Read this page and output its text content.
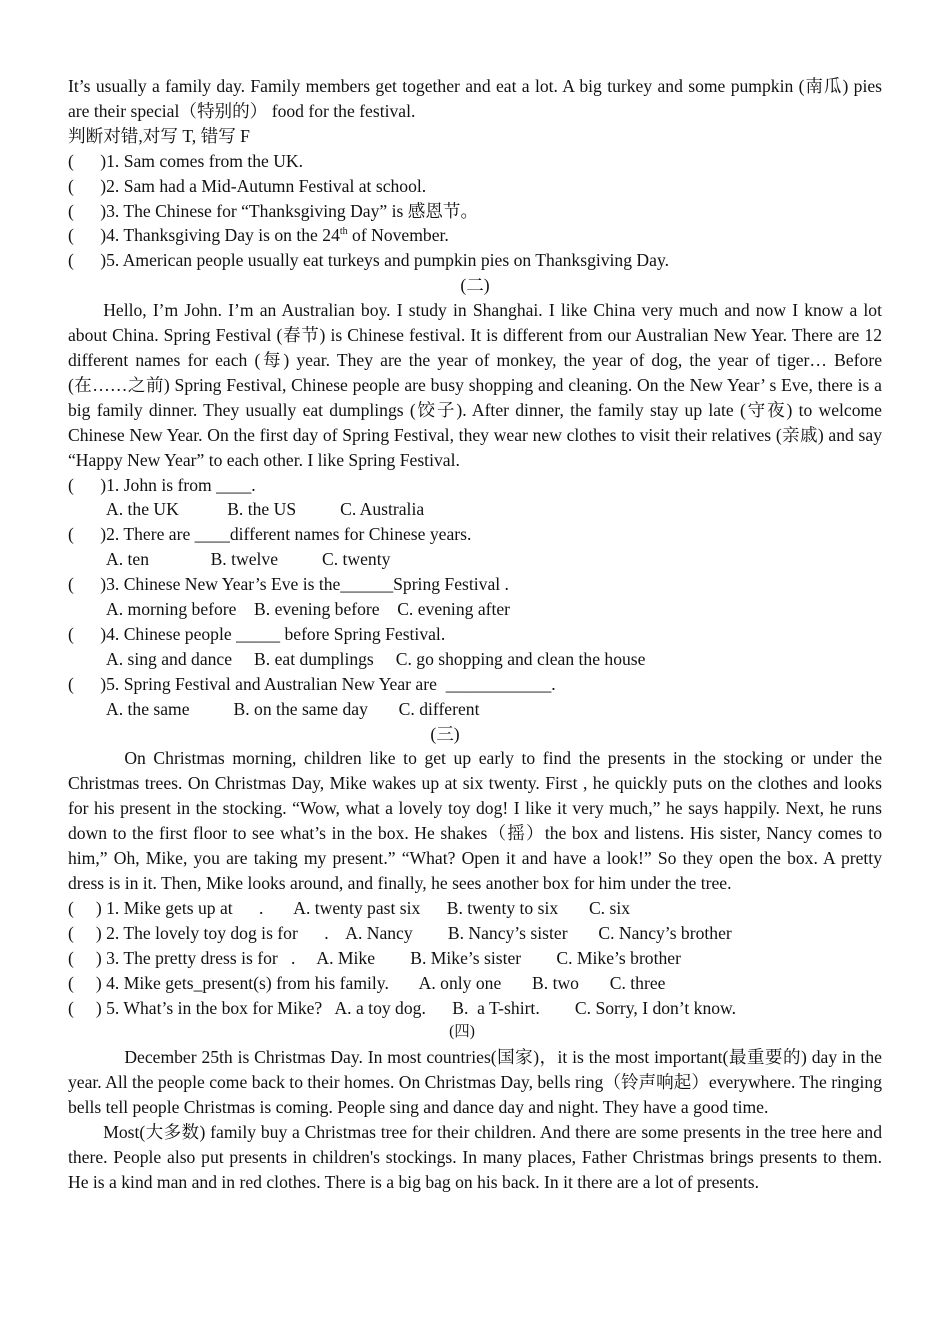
It’s usually a family day. Family members get together and eat a lot. A big turkey and some pumpkin (南瓜) pies are their special（特别的） food for the festival.
判断对错,对写 T, 错写 F
(      )1. Sam comes from the UK.
(      )2. Sam had a Mid-Autumn Festival at school.
(      )3. The Chinese for “Thanksgiving Day” is 感恩节。
(      )4. Thanksgiving Day is on the 24th of November.
(      )5. American people usually eat turkeys and pumpkin pies on Thanksgiving Day.
(二)
Hello, I’m John. I’m an Australian boy. I study in Shanghai. I like China very much and now I know a lot about China. Spring Festival (春节) is Chinese festival. It is different from our Australian New Year. There are 12 different names for each (每) year. They are the year of monkey, the year of dog, the year of tiger… Before (在……之前) Spring Festival, Chinese people are busy shopping and cleaning. On the New Year’ s Eve, there is a big family dinner. They usually eat dumplings (饺子). After dinner, the family stay up late (守夜) to welcome Chinese New Year. On the first day of Spring Festival, they wear new clothes to visit their relatives (亲戚) and say “Happy New Year” to each other. I like Spring Festival.
(      )1. John is from ____.
A. the UK           B. the US          C. Australia
(      )2. There are ____different names for Chinese years.
A. ten              B. twelve          C. twenty
(      )3. Chinese New Year’s Eve is the______Spring Festival .
A. morning before    B. evening before    C. evening after
(      )4. Chinese people _____ before Spring Festival.
A. sing and dance     B. eat dumplings     C. go shopping and clean the house
(      )5. Spring Festival and Australian New Year are  ____________.
A. the same          B. on the same day       C. different
(三)
On Christmas morning, children like to get up early to find the presents in the stocking or under the Christmas trees. On Christmas Day, Mike wakes up at six twenty. First , he quickly puts on the clothes and looks for his present in the stocking. “Wow, what a lovely toy dog! I like it very much,” he says happily. Next, he runs down to the first floor to see what’s in the box. He shakes（摇）the box and listens. His sister, Nancy comes to him,” Oh, Mike, you are taking my present.” “What? Open it and have a look!” So they open the box. A pretty dress is in it. Then, Mike looks around, and finally, he sees another box for him under the tree.
(     ) 1. Mike gets up at      .       A. twenty past six      B. twenty to six       C. six
(     ) 2. The lovely toy dog is for      .    A. Nancy        B. Nancy’s sister       C. Nancy’s brother
(     ) 3. The pretty dress is for   .     A. Mike        B. Mike’s sister        C. Mike’s brother
(     ) 4. Mike gets_present(s) from his family.       A. only one       B. two       C. three
(     ) 5. What’s in the box for Mike?   A. a toy dog.      B.  a T-shirt.        C. Sorry, I don’t know.
(四)
December 25th is Christmas Day. In most countries(国家)，it is the most important(最重要的) day in the year. All the people come back to their homes. On Christmas Day, bells ring（铃声响起）everywhere. The ringing bells tell people Christmas is coming. People sing and dance day and night. They have a good time.
Most(大多数) family buy a Christmas tree for their children. And there are some presents in the tree here and there. People also put presents in children's stockings. In many places, Father Christmas brings presents to them. He is a kind man and in red clothes. There is a big bag on his back. In it there are a lot of presents.
